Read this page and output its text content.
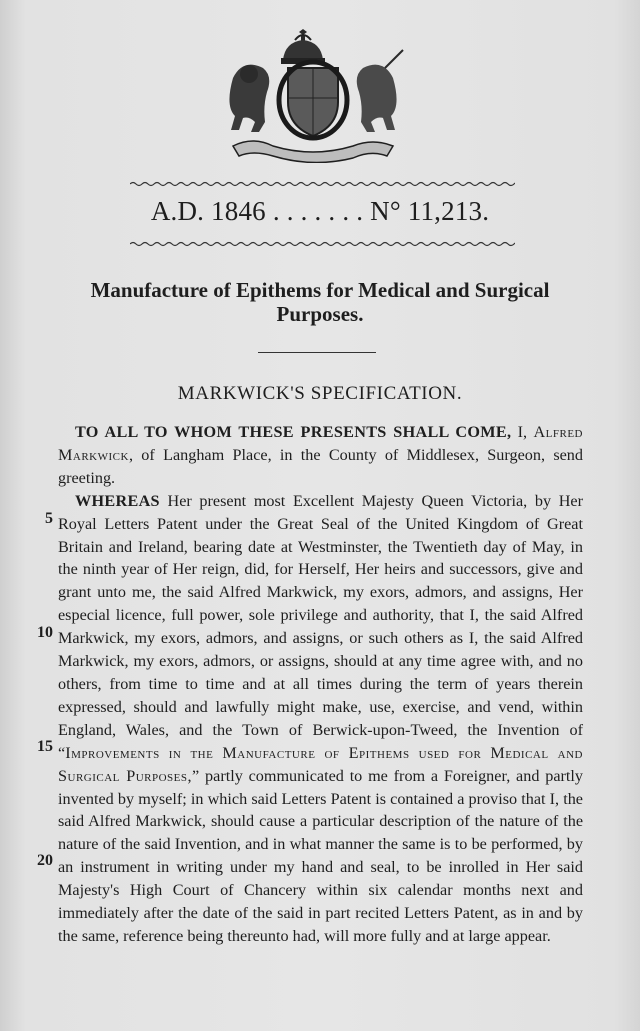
A.D. 1846 . . . . . . . N° 11,213.
Manufacture of Epithems for Medical and Surgical Purposes.
MARKWICK'S SPECIFICATION.

TO ALL TO WHOM THESE PRESENTS SHALL COME, I, Alfred Markwick, of Langham Place, in the County of Middlesex, Surgeon, send greeting.

WHEREAS Her present most Excellent Majesty Queen Victoria, by Her Royal Letters Patent under the Great Seal of the United Kingdom of Great Britain and Ireland, bearing date at Westminster, the Twentieth day of May, in the ninth year of Her reign, did, for Herself, Her heirs and successors, give and grant unto me, the said Alfred Markwick, my exors, admors, and assigns, Her especial licence, full power, sole privilege and authority, that I, the said Alfred Markwick, my exors, admors, and assigns, or such others as I, the said Alfred Markwick, my exors, admors, or assigns, should at any time agree with, and no others, from time to time and at all times during the term of years therein expressed, should and lawfully might make, use, exercise, and vend, within England, Wales, and the Town of Berwick-upon-Tweed, the Invention of “Improvements in the Manufacture of Epithems used for Medical and Surgical Purposes,” partly communicated to me from a Foreigner, and partly invented by myself; in which said Letters Patent is contained a proviso that I, the said Alfred Markwick, should cause a particular description of the nature of the nature of the said Invention, and in what manner the same is to be performed, by an instrument in writing under my hand and seal, to be inrolled in Her said Majesty's High Court of Chancery within six calendar months next and immediately after the date of the said in part recited Letters Patent, as in and by the same, reference being thereunto had, will more fully and at large appear.

5
10
15
20
